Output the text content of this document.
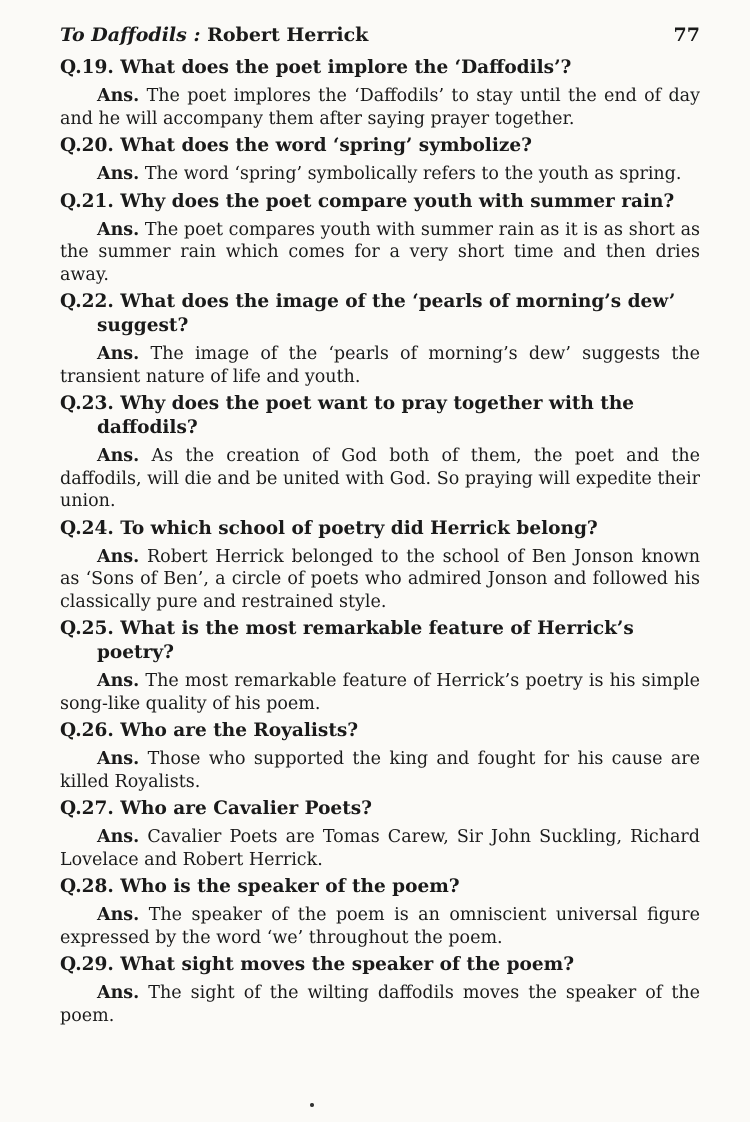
To Daffodils : Robert Herrick	77

Q.19. What does the poet implore the ‘Daffodils’?

Ans. The poet implores the ‘Daffodils’ to stay until the end of day and he will accompany them after saying prayer together.

Q.20. What does the word ‘spring’ symbolize?

Ans. The word ‘spring’ symbolically refers to the youth as spring.

Q.21. Why does the poet compare youth with summer rain?

Ans. The poet compares youth with summer rain as it is as short as the summer rain which comes for a very short time and then dries away.

Q.22. What does the image of the ‘pearls of morning’s dew’ suggest?

Ans. The image of the ‘pearls of morning’s dew’ suggests the transient nature of life and youth.

Q.23. Why does the poet want to pray together with the daffodils?

Ans. As the creation of God both of them, the poet and the daffodils, will die and be united with God. So praying will expedite their union.

Q.24. To which school of poetry did Herrick belong?

Ans. Robert Herrick belonged to the school of Ben Jonson known as ‘Sons of Ben’, a circle of poets who admired Jonson and followed his classically pure and restrained style.

Q.25. What is the most remarkable feature of Herrick’s poetry?

Ans. The most remarkable feature of Herrick’s poetry is his simple song-like quality of his poem.

Q.26. Who are the Royalists?

Ans. Those who supported the king and fought for his cause are killed Royalists.

Q.27. Who are Cavalier Poets?

Ans. Cavalier Poets are Tomas Carew, Sir John Suckling, Richard Lovelace and Robert Herrick.

Q.28. Who is the speaker of the poem?

Ans. The speaker of the poem is an omniscient universal figure expressed by the word ‘we’ throughout the poem.

Q.29. What sight moves the speaker of the poem?

Ans. The sight of the wilting daffodils moves the speaker of the poem.
